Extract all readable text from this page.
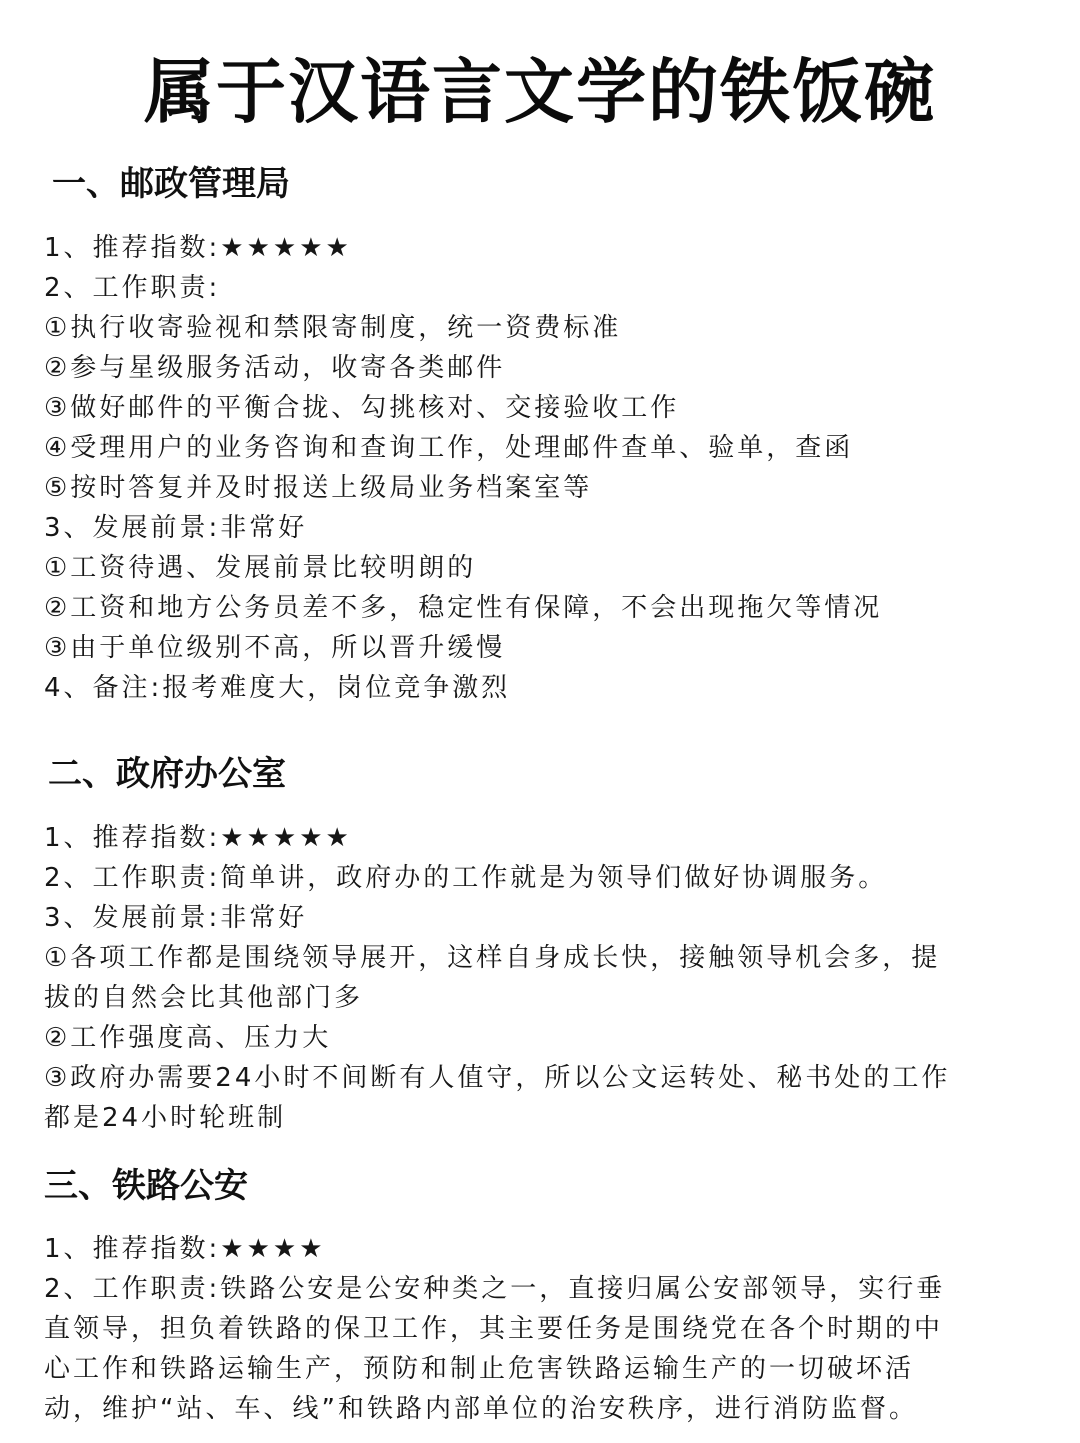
属于汉语言文学的铁饭碗
一、邮政管理局
1、推荐指数:★★★★★
2、工作职责:
①执行收寄验视和禁限寄制度，统一资费标准
②参与星级服务活动，收寄各类邮件
③做好邮件的平衡合拢、勾挑核对、交接验收工作
④受理用户的业务咨询和查询工作，处理邮件查单、验单，查函
⑤按时答复并及时报送上级局业务档案室等
3、发展前景:非常好
①工资待遇、发展前景比较明朗的
②工资和地方公务员差不多，稳定性有保障，不会出现拖欠等情况
③由于单位级别不高，所以晋升缓慢
4、备注:报考难度大，岗位竞争激烈
二、政府办公室
1、推荐指数:★★★★★
2、工作职责:简单讲，政府办的工作就是为领导们做好协调服务。
3、发展前景:非常好
①各项工作都是围绕领导展开，这样自身成长快，接触领导机会多，提
拔的自然会比其他部门多
②工作强度高、压力大
③政府办需要24小时不间断有人值守，所以公文运转处、秘书处的工作
都是24小时轮班制
三、铁路公安
1、推荐指数:★★★★
2、工作职责:铁路公安是公安种类之一，直接归属公安部领导，实行垂
直领导，担负着铁路的保卫工作，其主要任务是围绕党在各个时期的中
心工作和铁路运输生产，预防和制止危害铁路运输生产的一切破坏活
动，维护“站、车、线”和铁路内部单位的治安秩序，进行消防监督。
